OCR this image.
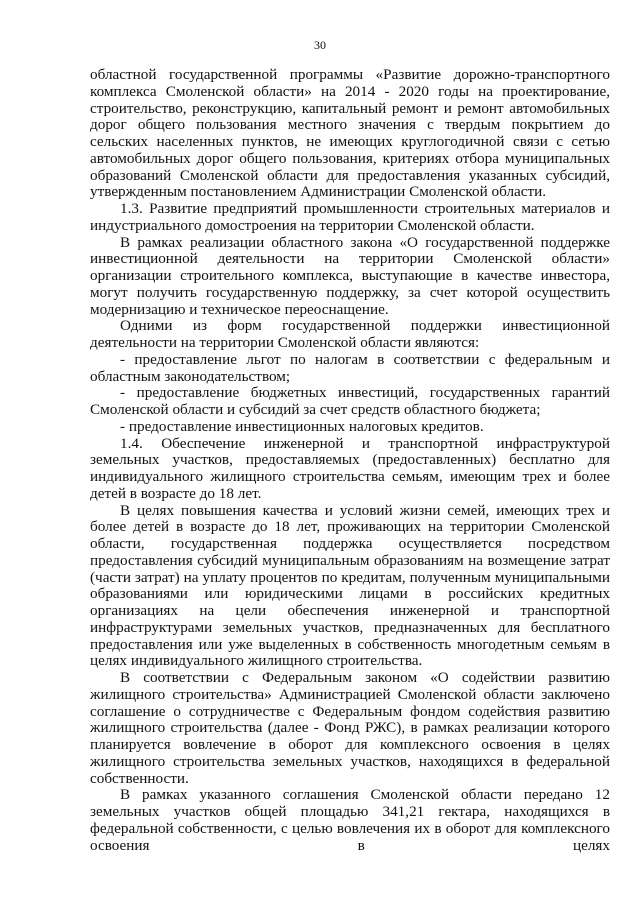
30

областной государственной программы «Развитие дорожно-транспортного комплекса Смоленской области» на 2014 - 2020 годы на проектирование, строительство, реконструкцию, капитальный ремонт и ремонт автомобильных дорог общего пользования местного значения с твердым покрытием до сельских населенных пунктов, не имеющих круглогодичной связи с сетью автомобильных дорог общего пользования, критериях отбора муниципальных образований Смоленской области для предоставления указанных субсидий, утвержденным постановлением Администрации Смоленской области.

1.3. Развитие предприятий промышленности строительных материалов и индустриального домостроения на территории Смоленской области.

В рамках реализации областного закона «О государственной поддержке инвестиционной деятельности на территории Смоленской области» организации строительного комплекса, выступающие в качестве инвестора, могут получить государственную поддержку, за счет которой осуществить модернизацию и техническое переоснащение.

Одними из форм государственной поддержки инвестиционной деятельности на территории Смоленской области являются:

- предоставление льгот по налогам в соответствии с федеральным и областным законодательством;

- предоставление бюджетных инвестиций, государственных гарантий Смоленской области и субсидий за счет средств областного бюджета;

- предоставление инвестиционных налоговых кредитов.

1.4. Обеспечение инженерной и транспортной инфраструктурой земельных участков, предоставляемых (предоставленных) бесплатно для индивидуального жилищного строительства семьям, имеющим трех и более детей в возрасте до 18 лет.

В целях повышения качества и условий жизни семей, имеющих трех и более детей в возрасте до 18 лет, проживающих на территории Смоленской области, государственная поддержка осуществляется посредством предоставления субсидий муниципальным образованиям на возмещение затрат (части затрат) на уплату процентов по кредитам, полученным муниципальными образованиями или юридическими лицами в российских кредитных организациях на цели обеспечения инженерной и транспортной инфраструктурами земельных участков, предназначенных для бесплатного предоставления или уже выделенных в собственность многодетным семьям в целях индивидуального жилищного строительства.

В соответствии с Федеральным законом «О содействии развитию жилищного строительства» Администрацией Смоленской области заключено соглашение о сотрудничестве с Федеральным фондом содействия развитию жилищного строительства (далее - Фонд РЖС), в рамках реализации которого планируется вовлечение в оборот для комплексного освоения в целях жилищного строительства земельных участков, находящихся в федеральной собственности.

В рамках указанного соглашения Смоленской области передано 12 земельных участков общей площадью 341,21 гектара, находящихся в федеральной собственности, с целью вовлечения их в оборот для комплексного освоения в целях
